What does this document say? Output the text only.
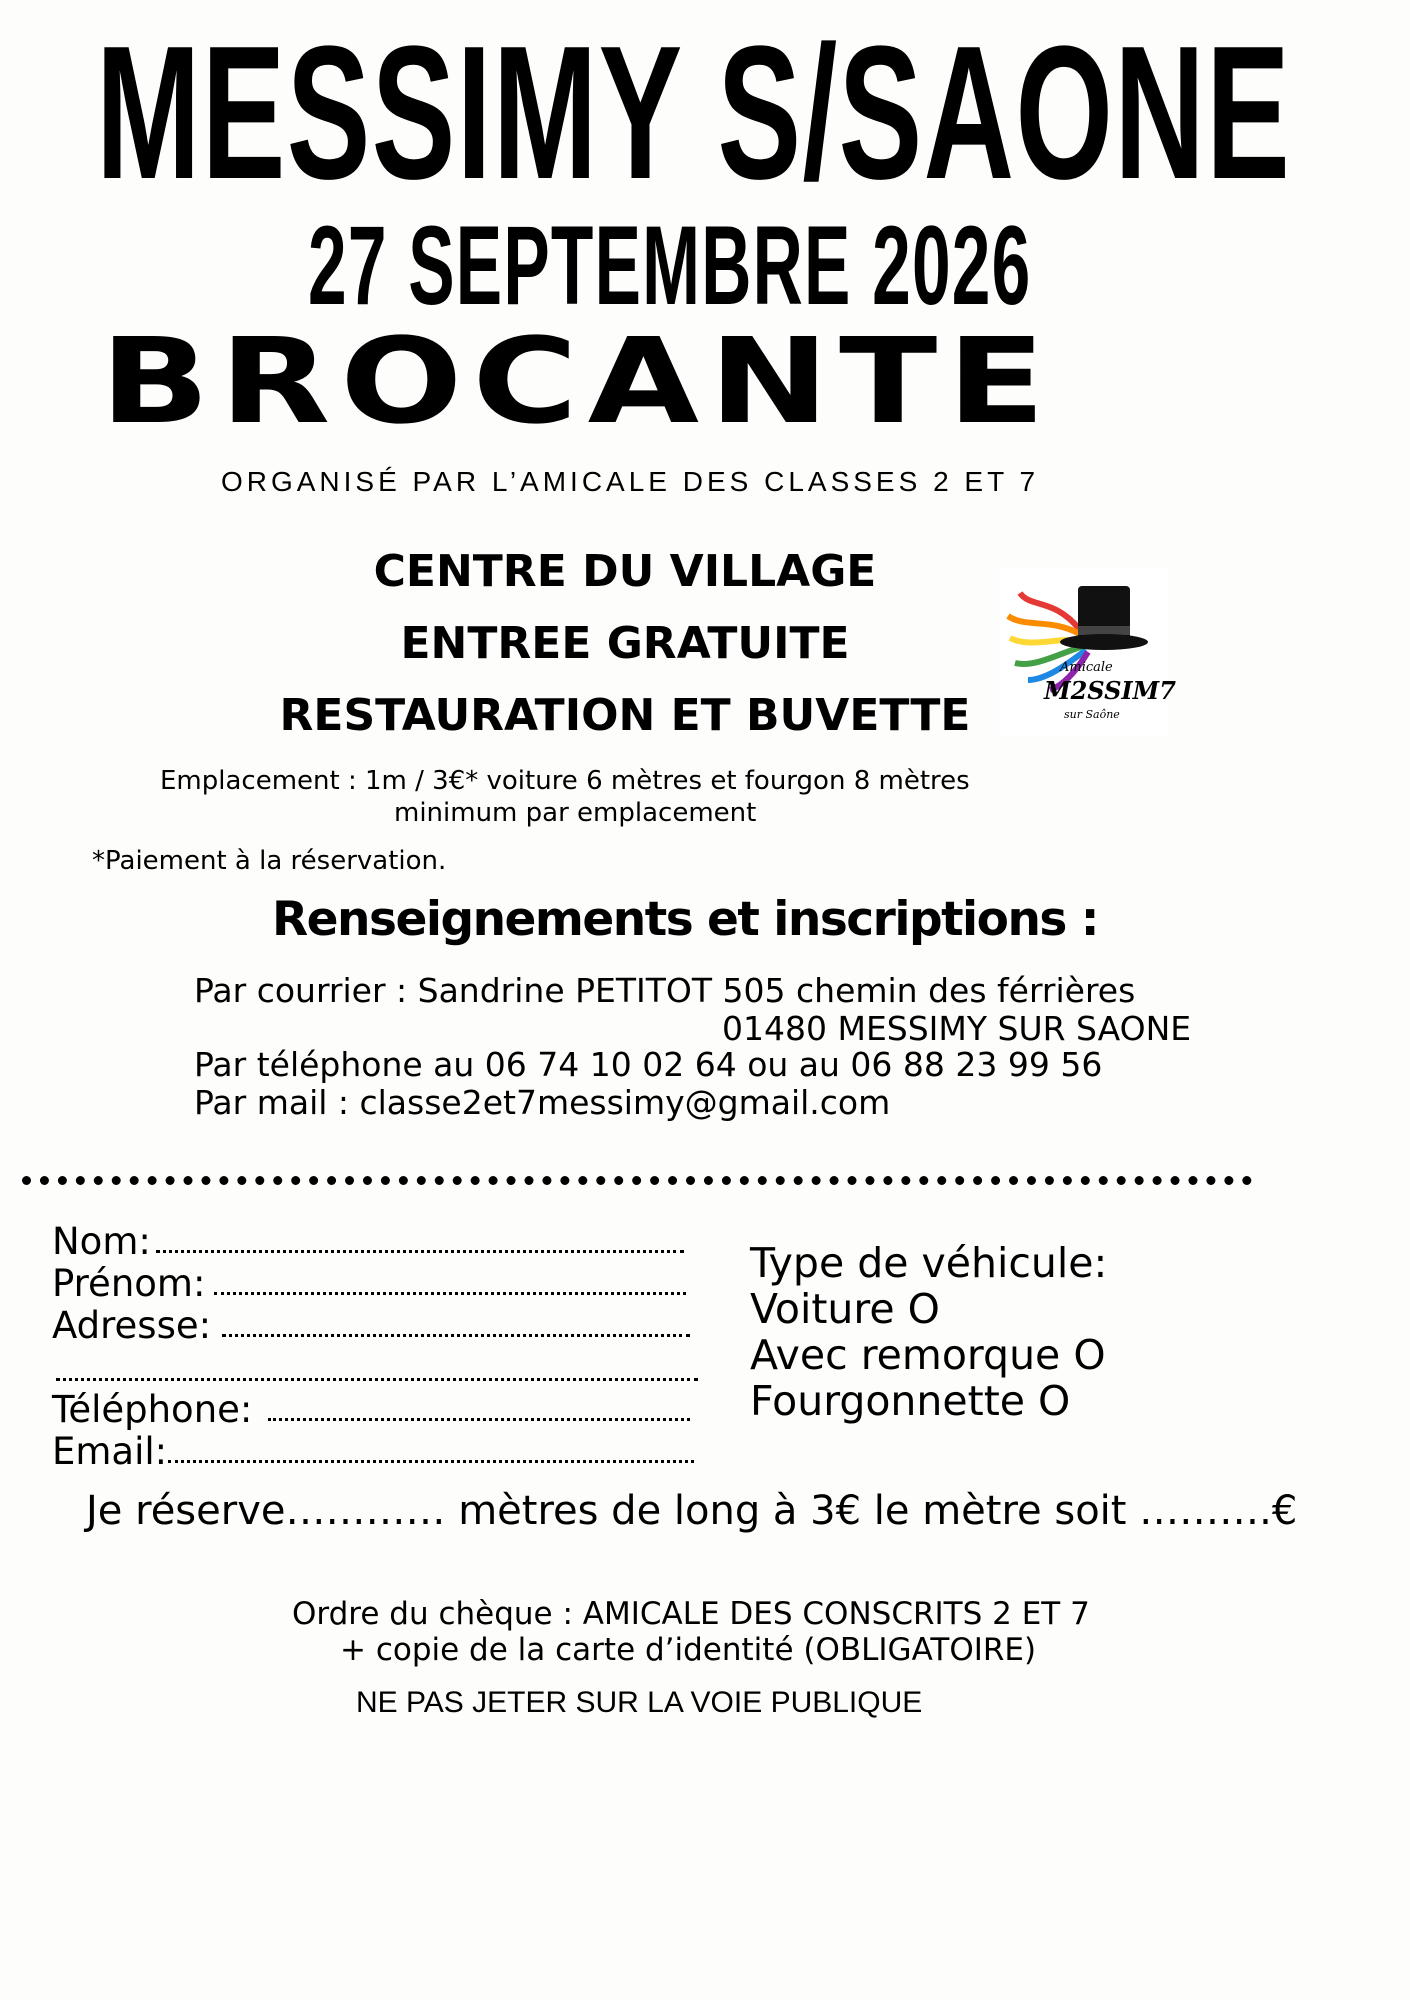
MESSIMY S/SAONE
27 SEPTEMBRE 2026
BROCANTE
ORGANISÉ PAR L’AMICALE DES CLASSES 2 ET 7
CENTRE DU VILLAGE
ENTREE GRATUITE
RESTAURATION ET BUVETTE
Amicale
M2SSIM7
sur Saône
Emplacement : 1m / 3€* voiture 6 mètres et fourgon 8 mètres
minimum par emplacement
*Paiement à la réservation.
Renseignements et inscriptions :
Par courrier : Sandrine PETITOT 505 chemin des férrières
01480 MESSIMY SUR SAONE
Par téléphone au 06 74 10 02 64 ou au 06 88 23 99 56
Par mail : classe2et7messimy@gmail.com
Nom:
Prénom:
Adresse:
Téléphone:
Email:
Type de véhicule:
Voiture O
Avec remorque O
Fourgonnette O
Je réserve………… mètres de long à 3€ le mètre soit ……….€
Ordre du chèque : AMICALE DES CONSCRITS 2 ET 7
+ copie de la carte d’identité (OBLIGATOIRE)
NE PAS JETER SUR LA VOIE PUBLIQUE
